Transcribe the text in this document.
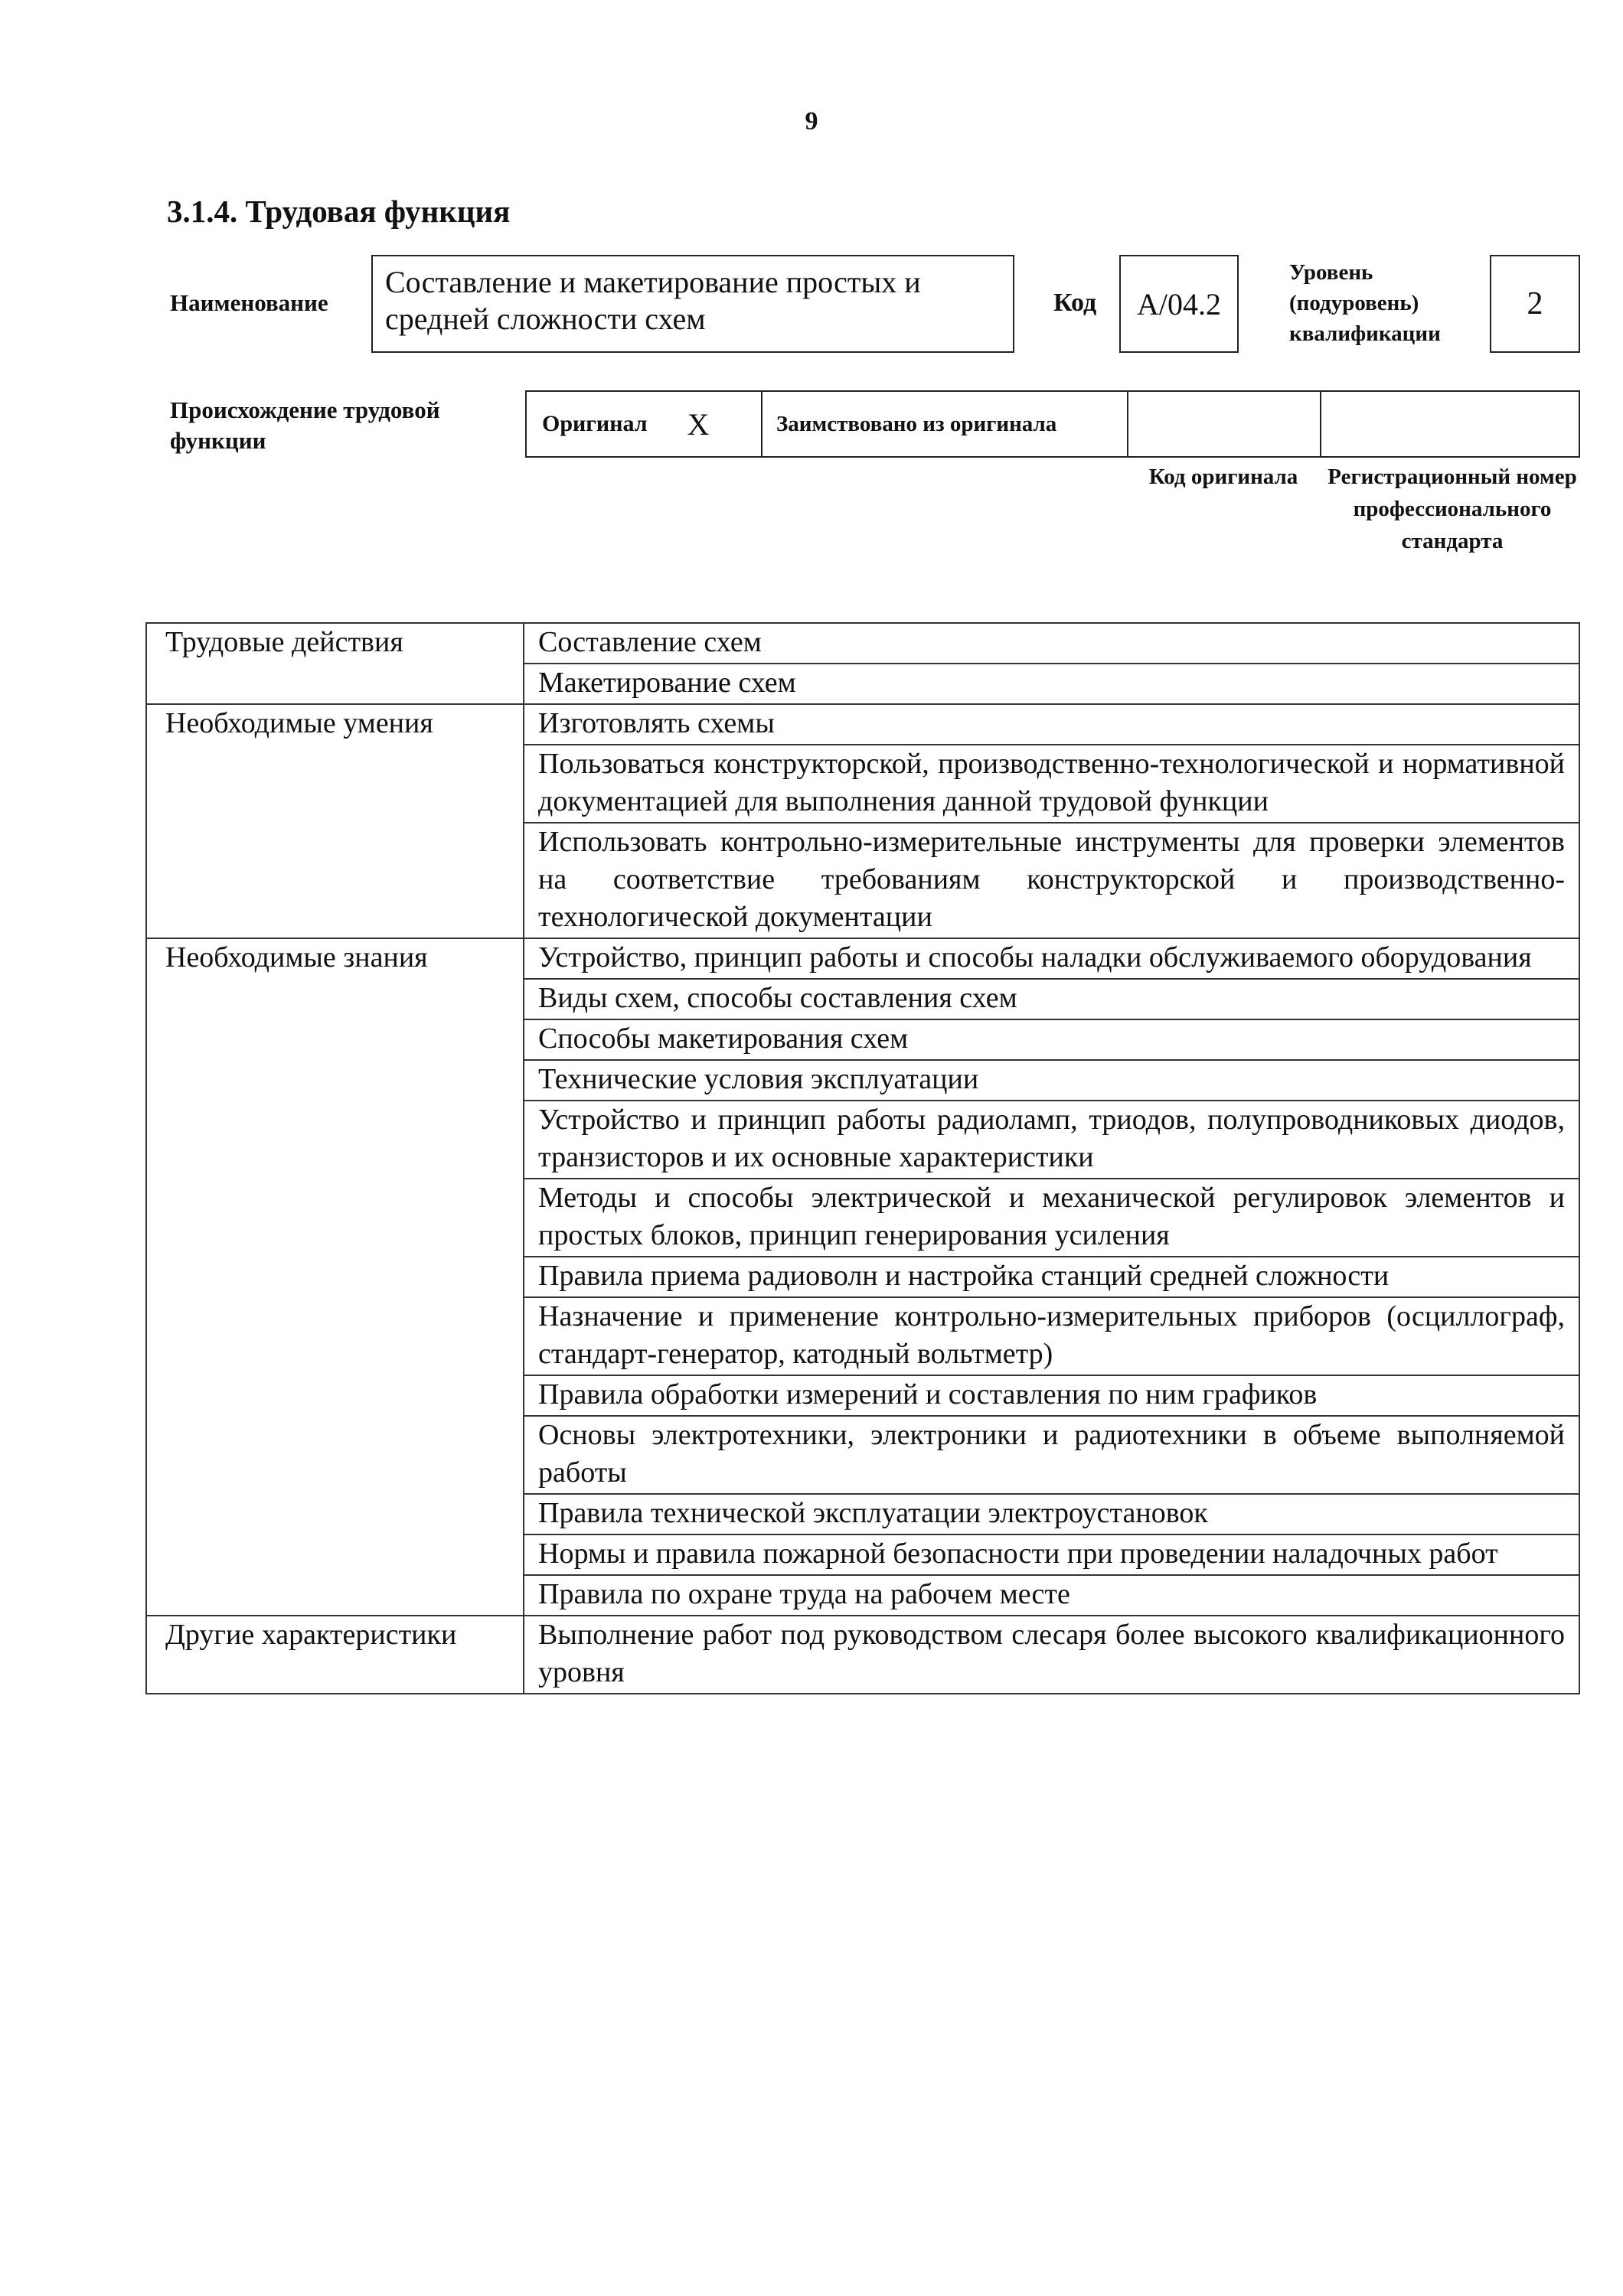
9
3.1.4. Трудовая функция
Наименование
Составление и макетирование простых и средней сложности схем	Код A/04.2
Уровень (подуровень) квалификации
2
Происхождение трудовой функции
Оригинал X	Заимствовано из оригинала
Код оригинала	Регистрационный номер профессионального стандарта
Трудовые действия	Составление схем
	Макетирование схем
Необходимые умения	Изготовлять схемы
	Пользоваться конструкторской, производственно-технологической и нормативной документацией для выполнения данной трудовой функции
	Использовать контрольно-измерительные инструменты для проверки элементов на соответствие требованиям конструкторской и производственно-технологической документации
Необходимые знания	Устройство, принцип работы и способы наладки обслуживаемого оборудования
	Виды схем, способы составления схем
	Способы макетирования схем
	Технические условия эксплуатации
	Устройство и принцип работы радиоламп, триодов, полупроводниковых диодов, транзисторов и их основные характеристики
	Методы и способы электрической и механической регулировок элементов и простых блоков, принцип генерирования усиления
	Правила приема радиоволн и настройка станций средней сложности
	Назначение и применение контрольно-измерительных приборов (осциллограф, стандарт-генератор, катодный вольтметр)
	Правила обработки измерений и составления по ним графиков
	Основы электротехники, электроники и радиотехники в объеме выполняемой работы
	Правила технической эксплуатации электроустановок
	Нормы и правила пожарной безопасности при проведении наладочных работ
	Правила по охране труда на рабочем месте
Другие характеристики	Выполнение работ под руководством слесаря более высокого квалификационного уровня
